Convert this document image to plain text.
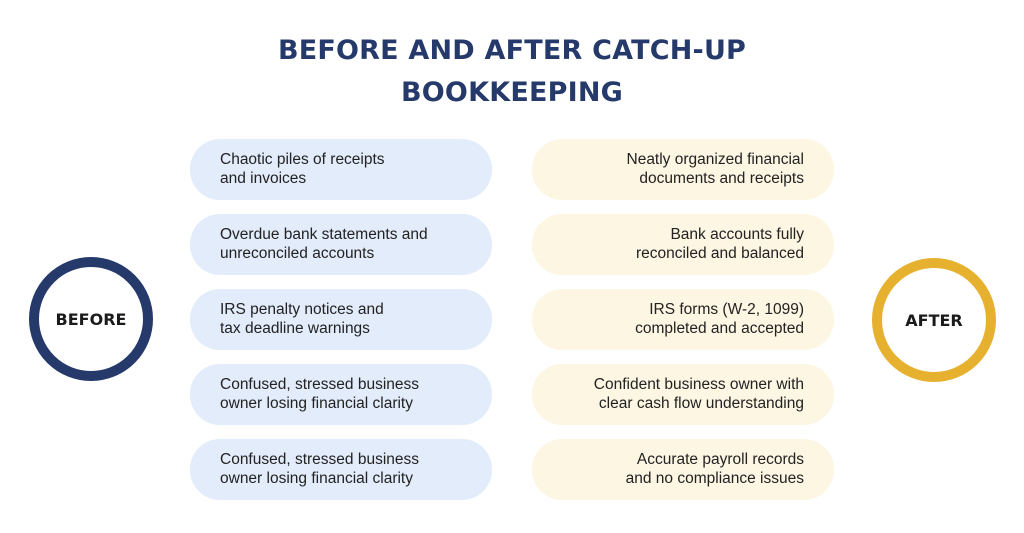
BEFORE AND AFTER CATCH-UP
BOOKKEEPING
BEFORE
Chaotic piles of receipts
and invoices
Overdue bank statements and
unreconciled accounts
IRS penalty notices and
tax deadline warnings
Confused, stressed business
owner losing financial clarity
Confused, stressed business
owner losing financial clarity
Neatly organized financial
documents and receipts
Bank accounts fully
reconciled and balanced
IRS forms (W-2, 1099)
completed and accepted
Confident business owner with
clear cash flow understanding
Accurate payroll records
and no compliance issues
AFTER
